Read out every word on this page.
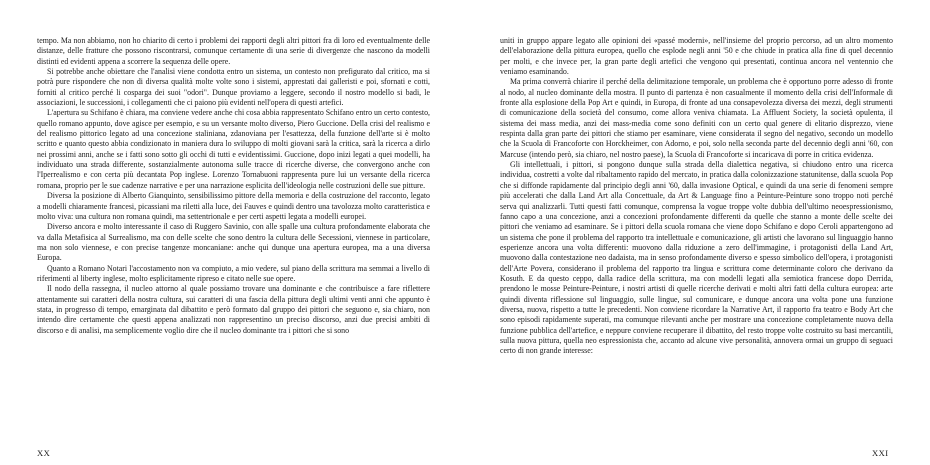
tempo. Ma non abbiamo, non ho chiarito di certo i problemi dei rapporti degli altri pittori fra di loro ed eventualmente delle distanze, delle fratture che possono riscontrarsi, comunque certamente di una serie di divergenze che nascono da modelli distinti ed evidenti appena a scorrere la sequenza delle opere.

Si potrebbe anche obiettare che l'analisi viene condotta entro un sistema, un contesto non prefigurato dal critico, ma si potrà pure rispondere che non di diversa qualità molte volte sono i sistemi, apprestati dai galleristi e poi, sfornati e cotti, forniti al critico perché li cosparga dei suoi "odori". Dunque proviamo a leggere, secondo il nostro modello si badi, le associazioni, le successioni, i collegamenti che ci paiono più evidenti nell'opera di questi artefici.

L'apertura su Schifano è chiara, ma conviene vedere anche chi cosa abbia rappresentato Schifano entro un certo contesto, quello romano appunto, dove agisce per esempio, e su un versante molto diverso, Piero Guccione. Della crisi del realismo e del realismo pittorico legato ad una concezione staliniana, zdanoviana per l'esattezza, della funzione dell'arte si è molto scritto e quanto questo abbia condizionato in maniera dura lo sviluppo di molti giovani sarà la critica, sarà la ricerca a dirlo nei prossimi anni, anche se i fatti sono sotto gli occhi di tutti e evidentissimi. Guccione, dopo inizi legati a quei modelli, ha individuato una strada differente, sostanzialmente autonoma sulle tracce di ricerche diverse, che convergono anche con l'Iperrealismo e con certa più decantata Pop inglese. Lorenzo Tornabuoni rappresenta pure lui un versante della ricerca romana, proprio per le sue cadenze narrative e per una narrazione esplicita dell'ideologia nelle costruzioni delle sue pitture.

Diversa la posizione di Alberto Gianquinto, sensibilissimo pittore della memoria e della costruzione del racconto, legato a modelli chiaramente francesi, picassiani ma riletti alla luce, dei Fauves e quindi dentro una tavolozza molto caratteristica e molto viva: una cultura non romana quindi, ma settentrionale e per certi aspetti legata a modelli europei.

Diverso ancora e molto interessante il caso di Ruggero Savinio, con alle spalle una cultura profondamente elaborata che va dalla Metafisica al Surrealismo, ma con delle scelte che sono dentro la cultura delle Secessioni, viennese in particolare, ma non solo viennese, e con precise tangenze moncaniane: anche qui dunque una apertura europea, ma a una diversa Europa.

Quanto a Romano Notari l'accostamento non va compiuto, a mio vedere, sul piano della scrittura ma semmai a livello di riferimenti al liberty inglese, molto esplicitamente ripreso e citato nelle sue opere.

Il nodo della rassegna, il nucleo attorno al quale possiamo trovare una dominante e che contribuisce a fare riflettere attentamente sui caratteri della nostra cultura, sui caratteri di una fascia della pittura degli ultimi venti anni che appunto è stata, in progresso di tempo, emarginata dal dibattito e però formato dal gruppo dei pittori che seguono e, sia chiaro, non intendo dire certamente che questi appena analizzati non rappresentino un preciso discorso, anzi due precisi ambiti di discorso e di analisi, ma semplicemente voglio dire che il nucleo dominante tra i pittori che si sono

uniti in gruppo appare legato alle opinioni dei «passé moderni», nell'insieme del proprio percorso, ad un altro momento dell'elaborazione della pittura europea, quello che esplode negli anni '50 e che chiude in pratica alla fine di quel decennio per molti, e che invece per, la gran parte degli artefici che vengono qui presentati, continua ancora nel ventennio che veniamo esaminando.

Ma prima converrà chiarire il perché della delimitazione temporale, un problema che è opportuno porre adesso di fronte al nodo, al nucleo dominante della mostra. Il punto di partenza è non casualmente il momento della crisi dell'Informale di fronte alla esplosione della Pop Art e quindi, in Europa, di fronte ad una consapevolezza diversa dei mezzi, degli strumenti di comunicazione della società del consumo, come allora veniva chiamata. La Affluent Society, la società opulenta, il sistema dei mass media, anzi dei mass-media come sono definiti con un certo qual genere di elitario disprezzo, viene respinta dalla gran parte dei pittori che stiamo per esaminare, viene considerata il segno del negativo, secondo un modello che la Scuola di Francoforte con Horckheimer, con Adorno, e poi, solo nella seconda parte del decennio degli anni '60, con Marcuse (intendo però, sia chiaro, nel nostro paese), la Scuola di Francoforte si incaricava di porre in critica evidenza.

Gli intellettuali, i pittori, si pongono dunque sulla strada della dialettica negativa, si chiudono entro una ricerca individua, costretti a volte dal ribaltamento rapido del mercato, in pratica dalla colonizzazione statunitense, dalla scuola Pop che si diffonde rapidamente dal principio degli anni '60, dalla invasione Optical, e quindi da una serie di fenomeni sempre più accelerati che dalla Land Art alla Concettuale, da Art & Language fino a Peinture-Peinture sono troppo noti perché serva qui analizzarli. Tutti questi fatti comunque, comprensa la vogue troppe volte dubbia dell'ultimo neoespressionismo, fanno capo a una concezione, anzi a concezioni profondamente differenti da quelle che stanno a monte delle scelte dei pittori che veniamo ad esaminare. Se i pittori della scuola romana che viene dopo Schifano e dopo Ceroli appartengono ad un sistema che pone il problema del rapporto tra intellettuale e comunicazione, gli artisti che lavorano sul linguaggio hanno esperienze ancora una volta differenti: muovono dalla riduzione a zero dell'immagine, i protagonisti della Land Art, muovono dalla contestazione neo dadaista, ma in senso profondamente diverso e spesso simbolico dell'opera, i protagonisti dell'Arte Povera, considerano il problema del rapporto tra lingua e scrittura come determinante coloro che derivano da Kosuth. E da questo ceppo, dalla radice della scrittura, ma con modelli legati alla semiotica francese dopo Derrida, prendono le mosse Peinture-Peinture, i nostri artisti di quelle ricerche derivati e molti altri fatti della cultura europea: arte quindi diventa riflessione sul linguaggio, sulle lingue, sul comunicare, e dunque ancora una volta pone una funzione diversa, nuova, rispetto a tutte le precedenti. Non conviene ricordare la Narrative Art, il rapporto fra teatro e Body Art che sono episodi rapidamente superati, ma comunque rilevanti anche per mostrare una concezione completamente nuova della funzione pubblica dell'artefice, e neppure conviene recuperare il dibattito, del resto troppe volte costruito su basi mercantili, sulla nuova pittura, quella neo espressionista che, accanto ad alcune vive personalità, annovera ormai un gruppo di seguaci certo di non grande interesse:

XX	XXI
